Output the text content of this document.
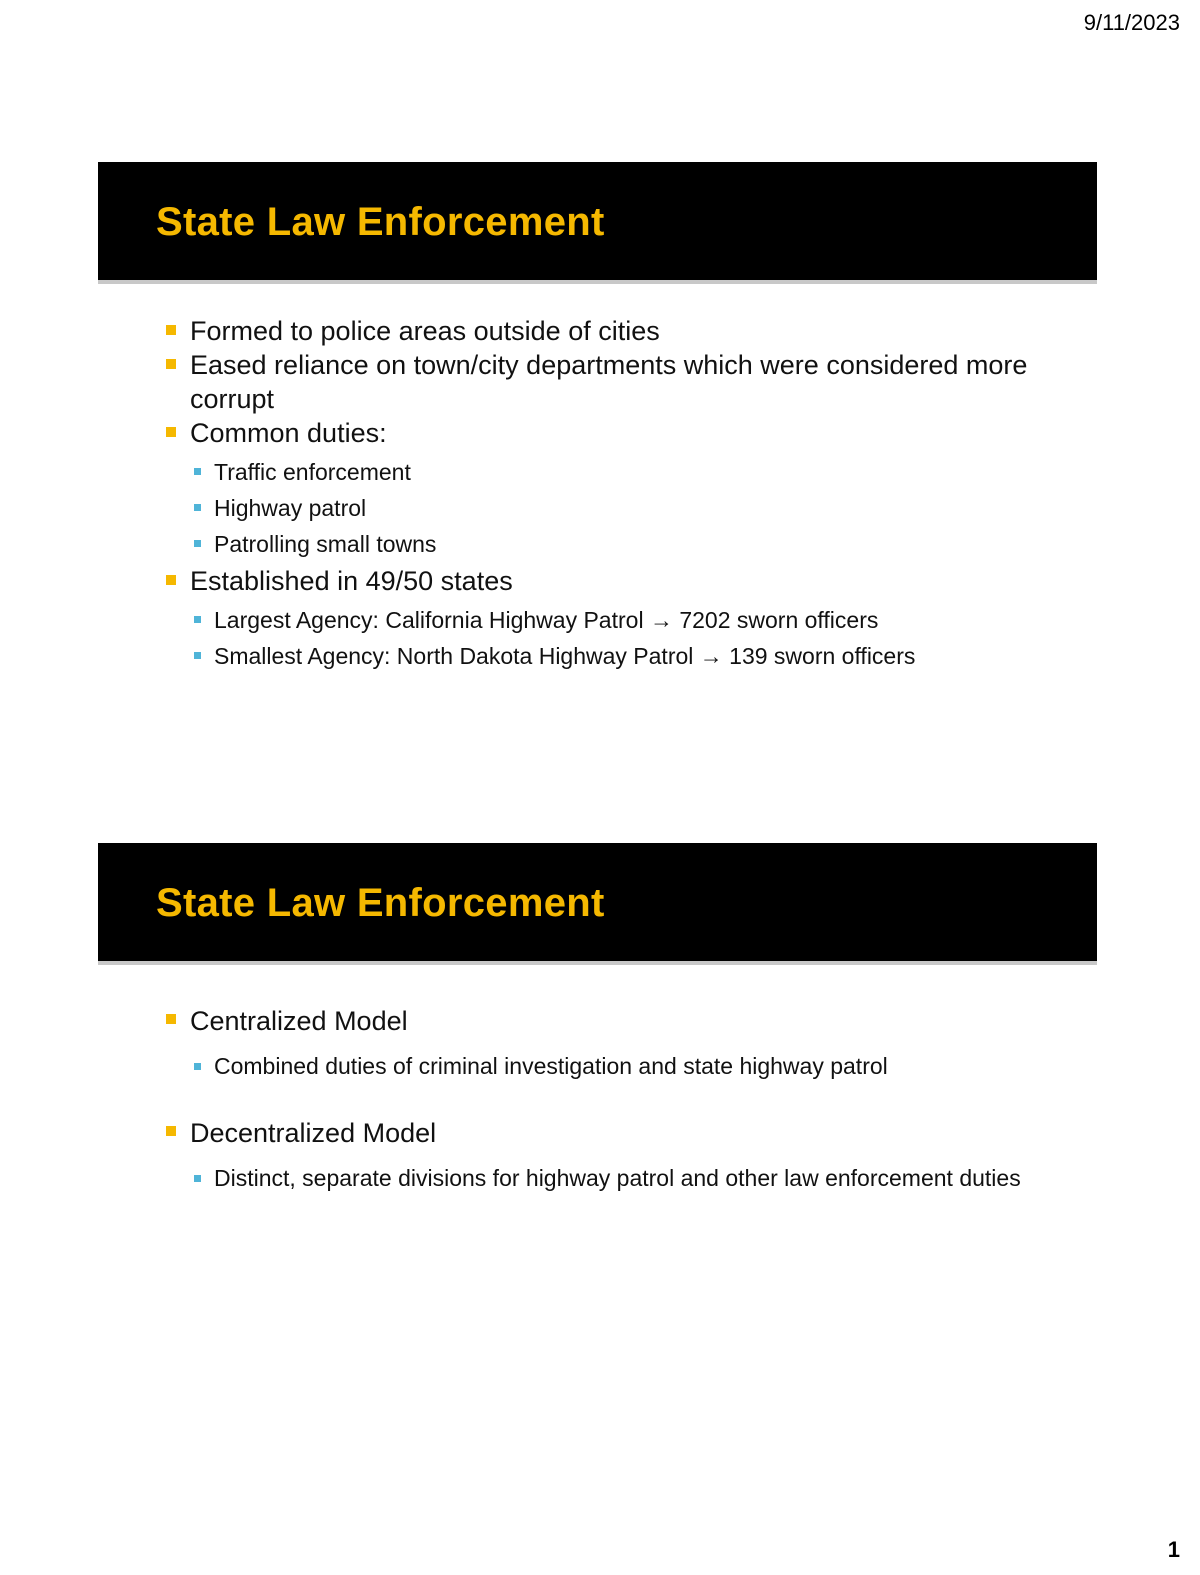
9/11/2023
State Law Enforcement
Formed to police areas outside of cities
Eased reliance on town/city departments which were considered more corrupt
Common duties:
Traffic enforcement
Highway patrol
Patrolling small towns
Established in 49/50 states
Largest Agency: California Highway Patrol → 7202 sworn officers
Smallest Agency: North Dakota Highway Patrol → 139 sworn officers
State Law Enforcement
Centralized Model
Combined duties of criminal investigation and state highway patrol
Decentralized Model
Distinct, separate divisions for highway patrol and other law enforcement duties
1
